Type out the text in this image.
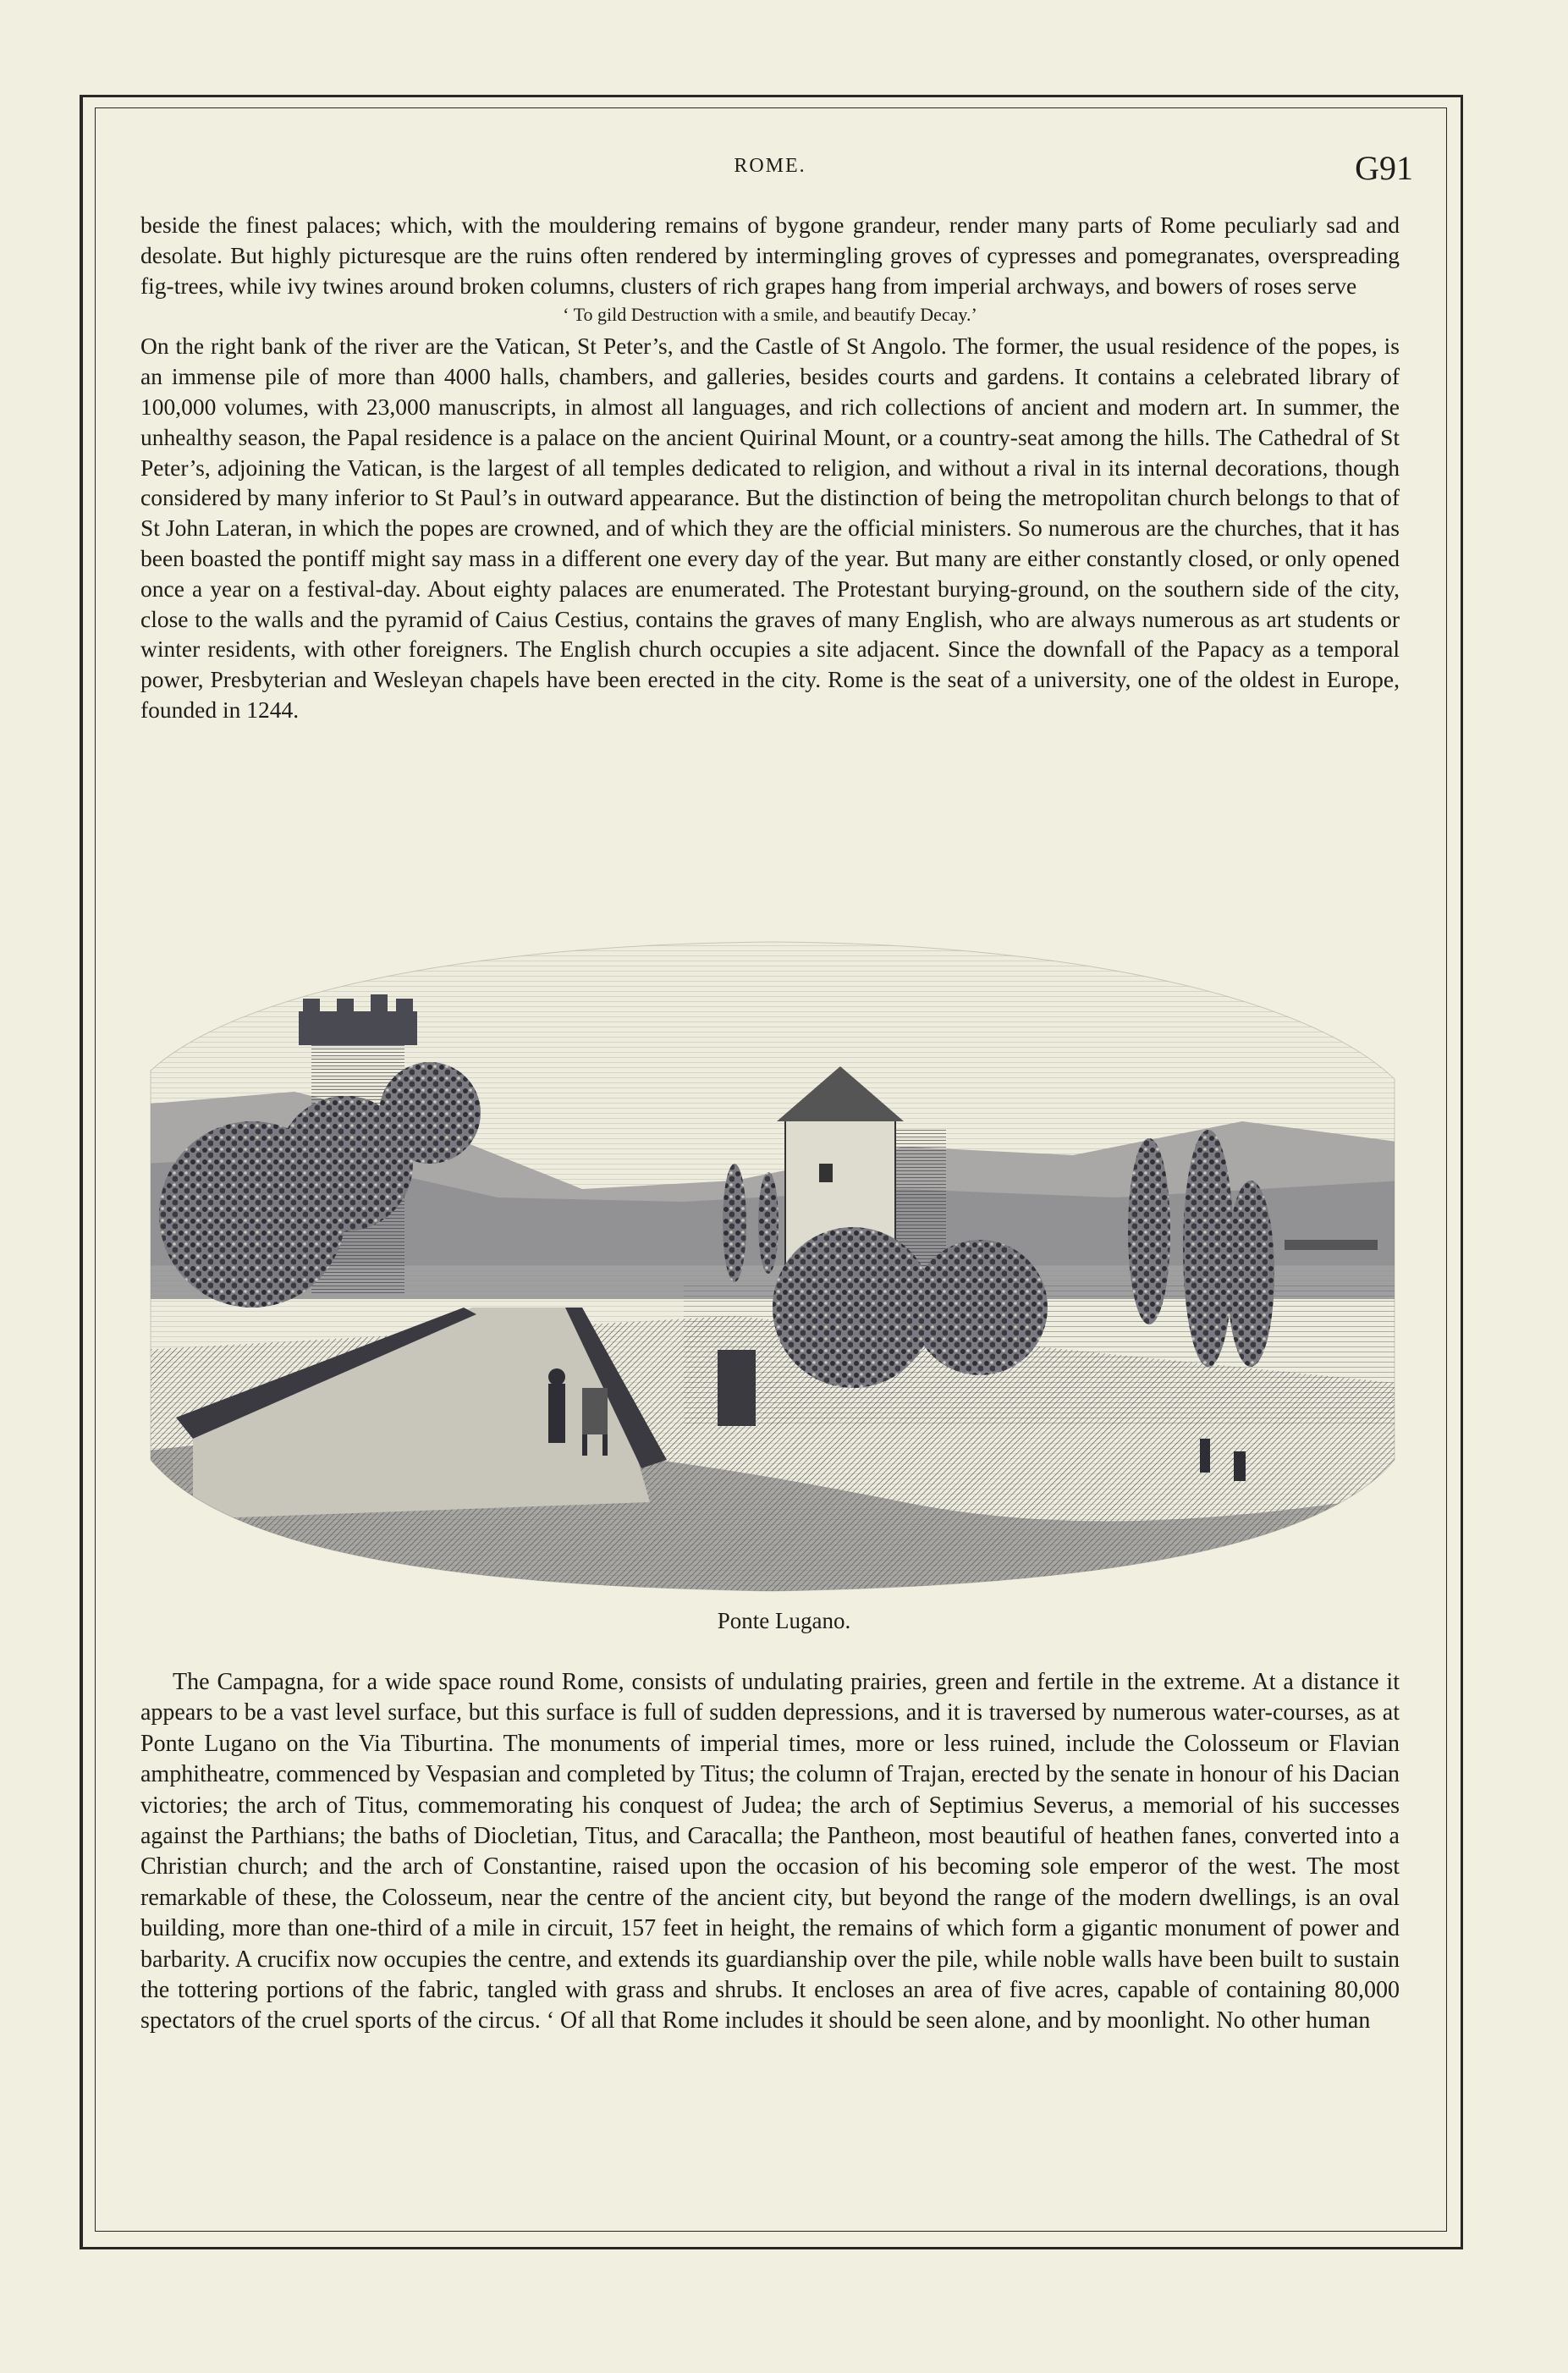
ROME.	G91

beside the finest palaces; which, with the mouldering remains of bygone grandeur, render many parts of Rome peculiarly sad and desolate. But highly picturesque are the ruins often rendered by intermingling groves of cypresses and pomegranates, overspreading fig-trees, while ivy twines around broken columns, clusters of rich grapes hang from imperial archways, and bowers of roses serve

‘ To gild Destruction with a smile, and beautify Decay.’

On the right bank of the river are the Vatican, St Peter’s, and the Castle of St Angolo. The former, the usual residence of the popes, is an immense pile of more than 4000 halls, chambers, and galleries, besides courts and gardens. It contains a celebrated library of 100,000 volumes, with 23,000 manuscripts, in almost all languages, and rich collections of ancient and modern art. In summer, the unhealthy season, the Papal residence is a palace on the ancient Quirinal Mount, or a country-seat among the hills. The Cathedral of St Peter’s, adjoining the Vatican, is the largest of all temples dedicated to religion, and without a rival in its internal decorations, though considered by many inferior to St Paul’s in outward appearance. But the distinction of being the metropolitan church belongs to that of St John Lateran, in which the popes are crowned, and of which they are the official ministers. So numerous are the churches, that it has been boasted the pontiff might say mass in a different one every day of the year. But many are either constantly closed, or only opened once a year on a festival-day. About eighty palaces are enumerated. The Protestant burying-ground, on the southern side of the city, close to the walls and the pyramid of Caius Cestius, contains the graves of many English, who are always numerous as art students or winter residents, with other foreigners. The English church occupies a site adjacent. Since the downfall of the Papacy as a temporal power, Presbyterian and Wesleyan chapels have been erected in the city. Rome is the seat of a university, one of the oldest in Europe, founded in 1244.

Ponte Lugano.

The Campagna, for a wide space round Rome, consists of undulating prairies, green and fertile in the extreme. At a distance it appears to be a vast level surface, but this surface is full of sudden depressions, and it is traversed by numerous water-courses, as at Ponte Lugano on the Via Tiburtina. The monuments of imperial times, more or less ruined, include the Colosseum or Flavian amphitheatre, commenced by Vespasian and completed by Titus; the column of Trajan, erected by the senate in honour of his Dacian victories; the arch of Titus, commemorating his conquest of Judea; the arch of Septimius Severus, a memorial of his successes against the Parthians; the baths of Diocletian, Titus, and Caracalla; the Pantheon, most beautiful of heathen fanes, converted into a Christian church; and the arch of Constantine, raised upon the occasion of his becoming sole emperor of the west. The most remarkable of these, the Colosseum, near the centre of the ancient city, but beyond the range of the modern dwellings, is an oval building, more than one-third of a mile in circuit, 157 feet in height, the remains of which form a gigantic monument of power and barbarity. A crucifix now occupies the centre, and extends its guardianship over the pile, while noble walls have been built to sustain the tottering portions of the fabric, tangled with grass and shrubs. It encloses an area of five acres, capable of containing 80,000 spectators of the cruel sports of the circus. ‘ Of all that Rome includes it should be seen alone, and by moonlight. No other human
